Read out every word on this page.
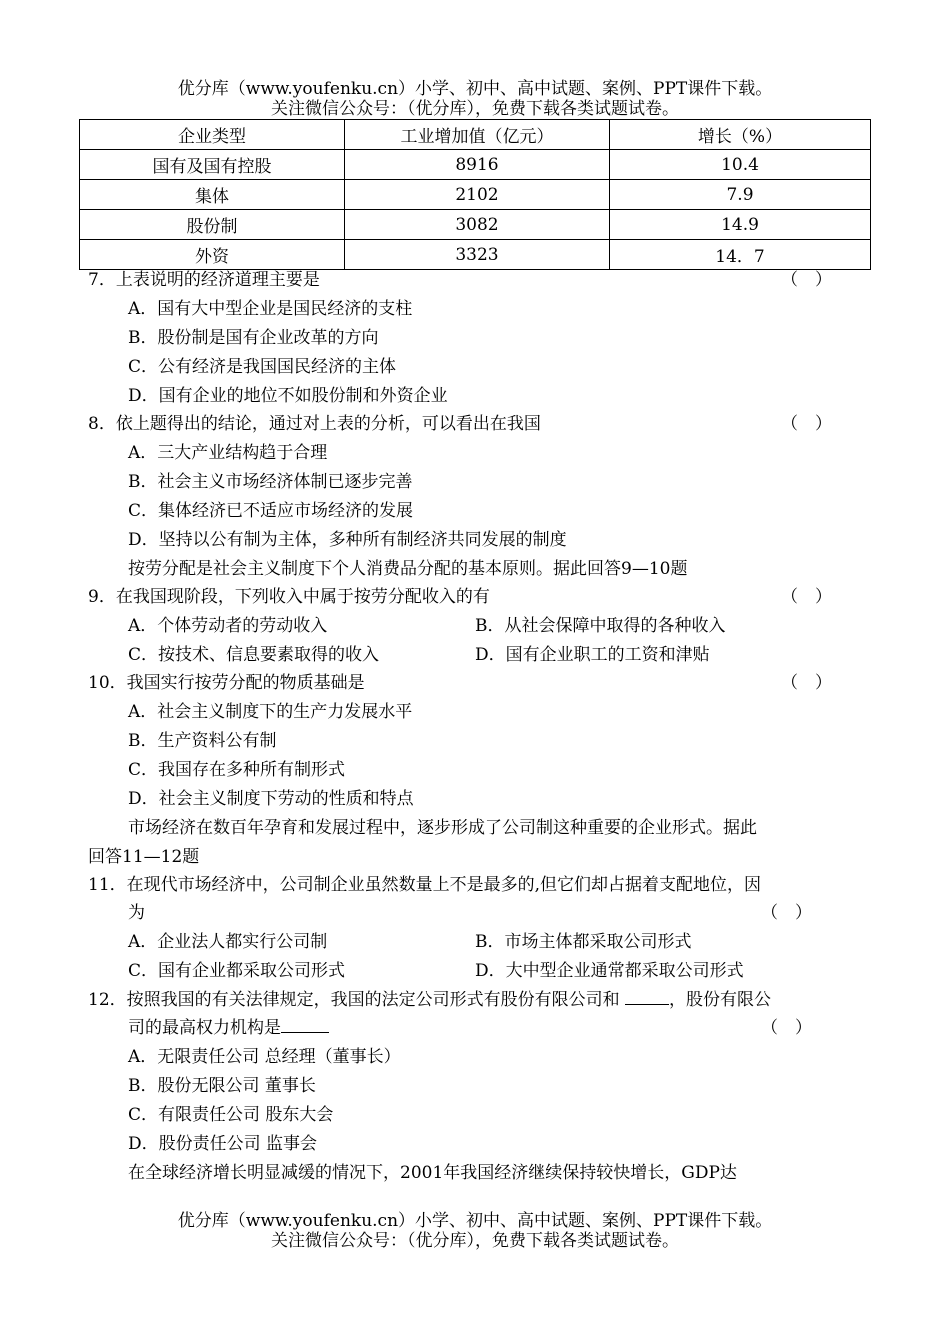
优分库（www.youfenku.cn）小学、初中、高中试题、案例、PPT课件下载。
关注微信公众号：（优分库），免费下载各类试题试卷。
企业类型	工业增加值（亿元）	增长（%）
国有及国有控股	8916	10.4
集体	2102	7.9
股份制	3082	14.9
外资	3323	14．7
7．上表说明的经济道理主要是	（　）
A．国有大中型企业是国民经济的支柱
B．股份制是国有企业改革的方向
C．公有经济是我国国民经济的主体
D．国有企业的地位不如股份制和外资企业
8．依上题得出的结论，通过对上表的分析，可以看出在我国	（　）
A．三大产业结构趋于合理
B．社会主义市场经济体制已逐步完善
C．集体经济已不适应市场经济的发展
D．坚持以公有制为主体，多种所有制经济共同发展的制度
按劳分配是社会主义制度下个人消费品分配的基本原则。据此回答9—10题
9．在我国现阶段，下列收入中属于按劳分配收入的有	（　）
A．个体劳动者的劳动收入	B．从社会保障中取得的各种收入
C．按技术、信息要素取得的收入	D．国有企业职工的工资和津贴
10．我国实行按劳分配的物质基础是	（　）
A．社会主义制度下的生产力发展水平
B．生产资料公有制
C．我国存在多种所有制形式
D．社会主义制度下劳动的性质和特点
市场经济在数百年孕育和发展过程中，逐步形成了公司制这种重要的企业形式。据此
回答11—12题
11．在现代市场经济中，公司制企业虽然数量上不是最多的,但它们却占据着支配地位，因
为	（　）
A．企业法人都实行公司制	B．市场主体都采取公司形式
C．国有企业都采取公司形式	D．大中型企业通常都采取公司形式
12．按照我国的有关法律规定，我国的法定公司形式有股份有限公司和	，股份有限公
司的最高权力机构是	（　）
A．无限责任公司 总经理（董事长）
B．股份无限公司 董事长
C．有限责任公司 股东大会
D．股份责任公司 监事会
在全球经济增长明显减缓的情况下，2001年我国经济继续保持较快增长，GDP达
优分库（www.youfenku.cn）小学、初中、高中试题、案例、PPT课件下载。
关注微信公众号：（优分库），免费下载各类试题试卷。
